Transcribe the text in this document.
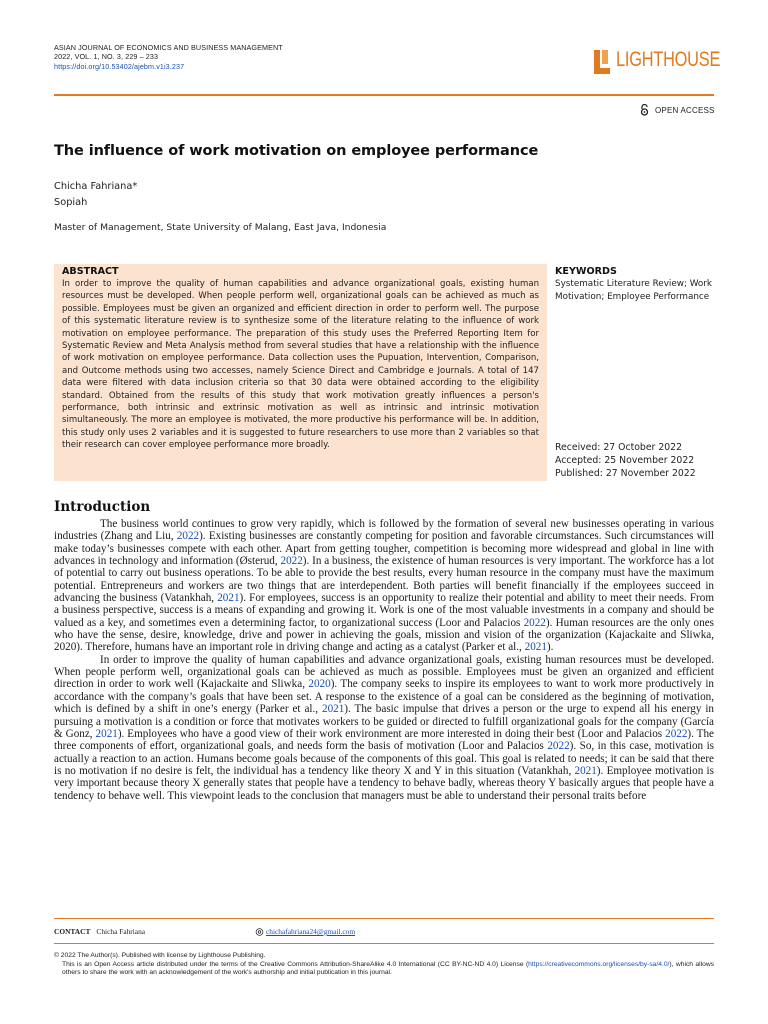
ASIAN JOURNAL OF ECONOMICS AND BUSINESS MANAGEMENT
2022, VOL. 1, NO. 3, 229 – 233
https://doi.org/10.53402/ajebm.v1i3.237	LIGHTHOUSE
OPEN ACCESS
The influence of work motivation on employee performance
Chicha Fahriana*
Sopiah
Master of Management, State University of Malang, East Java, Indonesia
ABSTRACT
In order to improve the quality of human capabilities and advance organizational goals, existing human resources must be developed. When people perform well, organizational goals can be achieved as much as possible. Employees must be given an organized and efficient direction in order to perform well. The purpose of this systematic literature review is to synthesize some of the literature relating to the influence of work motivation on employee performance. The preparation of this study uses the Preferred Reporting Item for Systematic Review and Meta Analysis method from several studies that have a relationship with the influence of work motivation on employee performance. Data collection uses the Pupuation, Intervention, Comparison, and Outcome methods using two accesses, namely Science Direct and Cambridge e Journals. A total of 147 data were filtered with data inclusion criteria so that 30 data were obtained according to the eligibility standard. Obtained from the results of this study that work motivation greatly influences a person's performance, both intrinsic and extrinsic motivation as well as intrinsic and intrinsic motivation simultaneously. The more an employee is motivated, the more productive his performance will be. In addition, this study only uses 2 variables and it is suggested to future researchers to use more than 2 variables so that their research can cover employee performance more broadly.
KEYWORDS
Systematic Literature Review; Work Motivation; Employee Performance
Received: 27 October 2022
Accepted: 25 November 2022
Published: 27 November 2022
Introduction

The business world continues to grow very rapidly, which is followed by the formation of several new businesses operating in various industries (Zhang and Liu, 2022). Existing businesses are constantly competing for position and favorable circumstances. Such circumstances will make today’s businesses compete with each other. Apart from getting tougher, competition is becoming more widespread and global in line with advances in technology and information (Østerud, 2022). In a business, the existence of human resources is very important. The workforce has a lot of potential to carry out business operations. To be able to provide the best results, every human resource in the company must have the maximum potential. Entrepreneurs and workers are two things that are interdependent. Both parties will benefit financially if the employees succeed in advancing the business (Vatankhah, 2021). For employees, success is an opportunity to realize their potential and ability to meet their needs. From a business perspective, success is a means of expanding and growing it. Work is one of the most valuable investments in a company and should be valued as a key, and sometimes even a determining factor, to organizational success (Loor and Palacios 2022). Human resources are the only ones who have the sense, desire, knowledge, drive and power in achieving the goals, mission and vision of the organization (Kajackaite and Sliwka, 2020). Therefore, humans have an important role in driving change and acting as a catalyst (Parker et al., 2021).

In order to improve the quality of human capabilities and advance organizational goals, existing human resources must be developed. When people perform well, organizational goals can be achieved as much as possible. Employees must be given an organized and efficient direction in order to work well (Kajackaite and Sliwka, 2020). The company seeks to inspire its employees to want to work more productively in accordance with the company’s goals that have been set. A response to the existence of a goal can be considered as the beginning of motivation, which is defined by a shift in one’s energy (Parker et al., 2021). The basic impulse that drives a person or the urge to expend all his energy in pursuing a motivation is a condition or force that motivates workers to be guided or directed to fulfill organizational goals for the company (García & Gonz, 2021). Employees who have a good view of their work environment are more interested in doing their best (Loor and Palacios 2022). The three components of effort, organizational goals, and needs form the basis of motivation (Loor and Palacios 2022). So, in this case, motivation is actually a reaction to an action. Humans become goals because of the components of this goal. This goal is related to needs; it can be said that there is no motivation if no desire is felt, the individual has a tendency like theory X and Y in this situation (Vatankhah, 2021). Employee motivation is very important because theory X generally states that people have a tendency to behave badly, whereas theory Y basically argues that people have a tendency to behave well. This viewpoint leads to the conclusion that managers must be able to understand their personal traits before

CONTACT Chicha Fahriana	chichafahriana24@gmail.com
© 2022 The Author(s). Published with license by Lighthouse Publishing.
This is an Open Access article distributed under the terms of the Creative Commons Attribution-ShareAlike 4.0 International (CC BY-NC-ND 4.0) License (https://creativecommons.org/licenses/by-sa/4.0/), which allows others to share the work with an acknowledgement of the work's authorship and initial publication in this journal.
